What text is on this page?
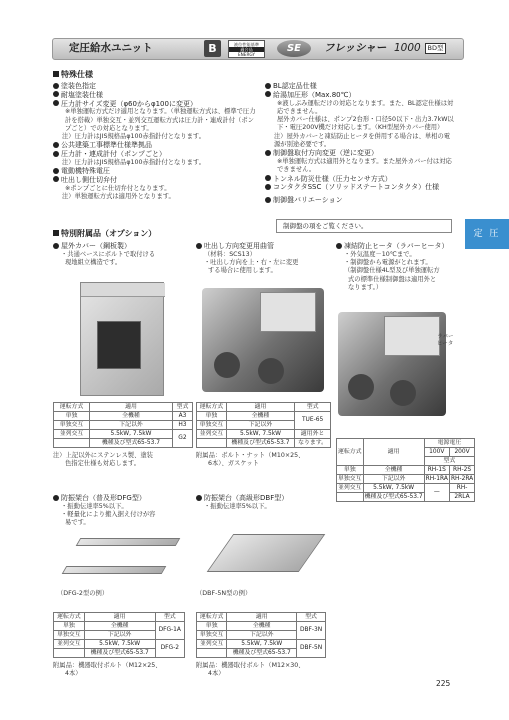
定圧給水ユニット	B	液位性能基準
適合品
ENERGY
SE	フレッシャー 1000	BD型
定 圧
特殊仕様
塗装色指定
耐塩塗装仕様
圧力計サイズ変更（φ60からφ100に変更）
※単独運転方式だけ適用となります。（単独運転方式は、標準で圧力計を搭載）単独交互・並列交互運転方式は圧力計・連成計付（ポンプごと）での対応となります。
注）圧力計はJIS規格品φ100赤指針付となります。
公共建築工事標準仕様準拠品
圧力計・連成計付（ポンプごと）
注）圧力計はJIS規格品φ100赤指針付となります。
電動機特殊電圧
吐出し側仕切弁付
※ポンプごとに仕切弁付となります。
注）単独運転方式は適用外となります。
BL認定品仕様
給湯加圧形（Max.80℃）
※液しぶみ運転だけの対応となります。また、BL認定仕様は対応できません。
屋外カバー仕様は、ポンプ2台形・口径50以下・出力3.7kW以下・電圧200V機だけ対応します。（KH型屋外カバー使用）
注）屋外カバーと凍結防止ヒータを併用する場合は、単相の電源が別途必要です。
制御盤取付方向変更（逆に変更）
※単独運転方式は適用外となります。また屋外カバー付は対応できません。
トンネル防災仕様（圧力センサ方式）
コンタクタSSC（ソリッドステートコンタクタ）仕様
制御盤バリエーション
制御盤の項をご覧ください。
特別附属品（オプション）
屋外カバー（鋼板製）
・共通ベースにボルトで取付ける
現地組立構造です。
運転方式	適用	型式
単独	全機種	A3
単独交互	下記以外	H3
並列交互	5.5kW, 7.5kW	G2
	機種及び型式65-53.7	
注）上記以外にステンレス製、塗装
色指定仕様も対応します。
吐出し方向変更用曲管
（材料：SCS13）
・吐出し方向を上・右・左に変更
する場合に使用します。
運転方式	適用	型式
単独	全機種	TUE-65
単独交互	下記以外	
並列交互	5.5kW, 7.5kW	適用外と
	機種及び型式65-53.7	なります。
附属品：ボルト・ナット（M10×25、
6本）、ガスケット
凍結防止ヒータ（ラバーヒータ）
・外気温度－10℃まで。
・制御盤から電源がとれます。
（制御盤仕様4L型及び単独運転方
式の標準仕様制御盤は適用外と
なります。）
ラバー
ヒータ
運転方式	適用	電源電圧	
		100V	200V
		型式	
単独	全機種	RH-1S	RH-2S
単独交互	下記以外	RH-1RA	RH-2RA
並列交互	5.5kW, 7.5kW	—	RH-
	機種及び型式65-53.7		2RLA
防振架台（普及形DFG型）
・振動伝達率5%以下。
・軽量化により搬入据え付けが容
易です。
（DFG-2型の例）
運転方式	適用	型式
単独	全機種	DFG-1A
単独交互	下記以外	
並列交互	5.5kW, 7.5kW	DFG-2
	機種及び型式65-53.7	
附属品：機器取付ボルト（M12×25、
4本）
防振架台（高級形DBF型）
・振動伝達率5%以下。
（DBF-5N型の例）
運転方式	適用	型式
単独	全機種	DBF-3N
単独交互	下記以外	
並列交互	5.5kW, 7.5kW	DBF-5N
	機種及び型式65-53.7	
附属品：機器取付ボルト（M12×30、
4本）
225
